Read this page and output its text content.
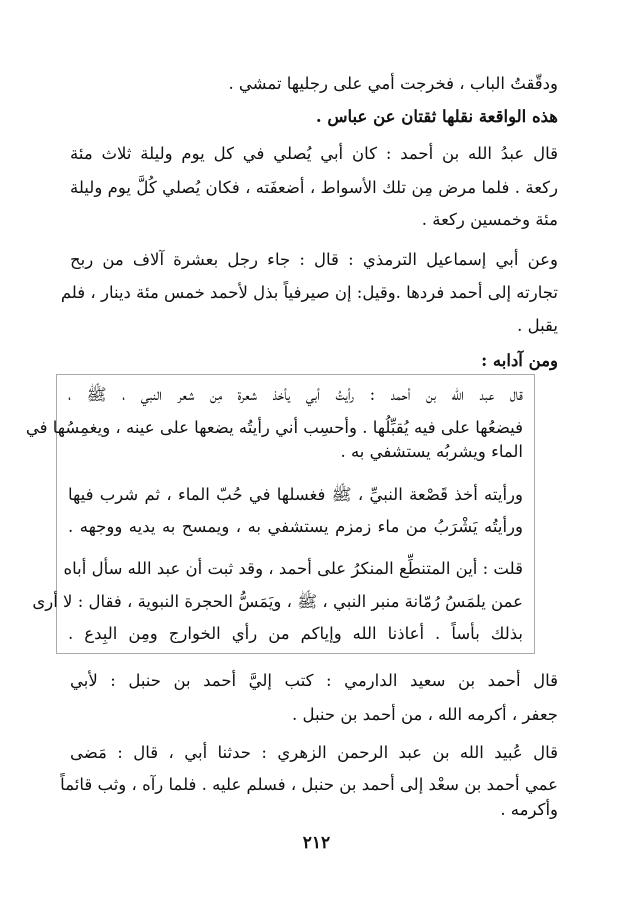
ودقّقتُ الباب ، فخرجت أمي على رجليها تمشي .
هذه الواقعة نقلها ثقتان عن عباس .
قال عبدُ الله بن أحمد : كان أبي يُصلي في كل يوم وليلة ثلاث مئة
ركعة . فلما مرض مِن تلك الأسواط ، أضعفَته ، فكان يُصلي كُلَّ يوم وليلة
مئة وخمسين ركعة .
وعن أبي إسماعيل الترمذي : قال : جاء رجل بعشرة آلاف من ربح
تجارته إلى أحمد فردها .وقيل: إن صيرفياً بذل لأحمد خمس مئة دينار ، فلم
يقبل .
ومن آدابه :
قال عبد الله بن أحمد : رأيتُ أبي يأخذ شعرة مِن شعر النبي ، ﷺ ،
فيضعُها على فيه يُقبِّلُها . وأحسِب أني رأيتُه يضعها على عينه ، ويغمِسُها في
الماء ويشربُه يستشفي به .
ورأيته أخذ قَصْعة النبيِّ ، ﷺ فغسلها في حُبّ الماء ، ثم شرب فيها
ورأيتُه يَشْرَبُ من ماء زمزم يستشفي به ، ويمسح به يديه ووجهه .
قلت : أين المتنطِّع المنكرُ على أحمد ، وقد ثبت أن عبد الله سأل أباه
عمن يلمَسُ رُمّانة منبر النبي ، ﷺ ، ويَمَسُّ الحجرة النبوية ، فقال : لا أرى
بذلك بأساً . أعاذنا الله وإياكم من رأي الخوارج ومِن البِدع .
قال أحمد بن سعيد الدارمي : كتب إليَّ أحمد بن حنبل : لأبي
جعفر ، أكرمه الله ، من أحمد بن حنبل .
قال عُبيد الله بن عبد الرحمن الزهري : حدثنا أبي ، قال : مَضى
عمي أحمد بن سعْد إلى أحمد بن حنبل ، فسلم عليه . فلما رآه ، وثب قائماً
وأكرمه .
٢١٢
